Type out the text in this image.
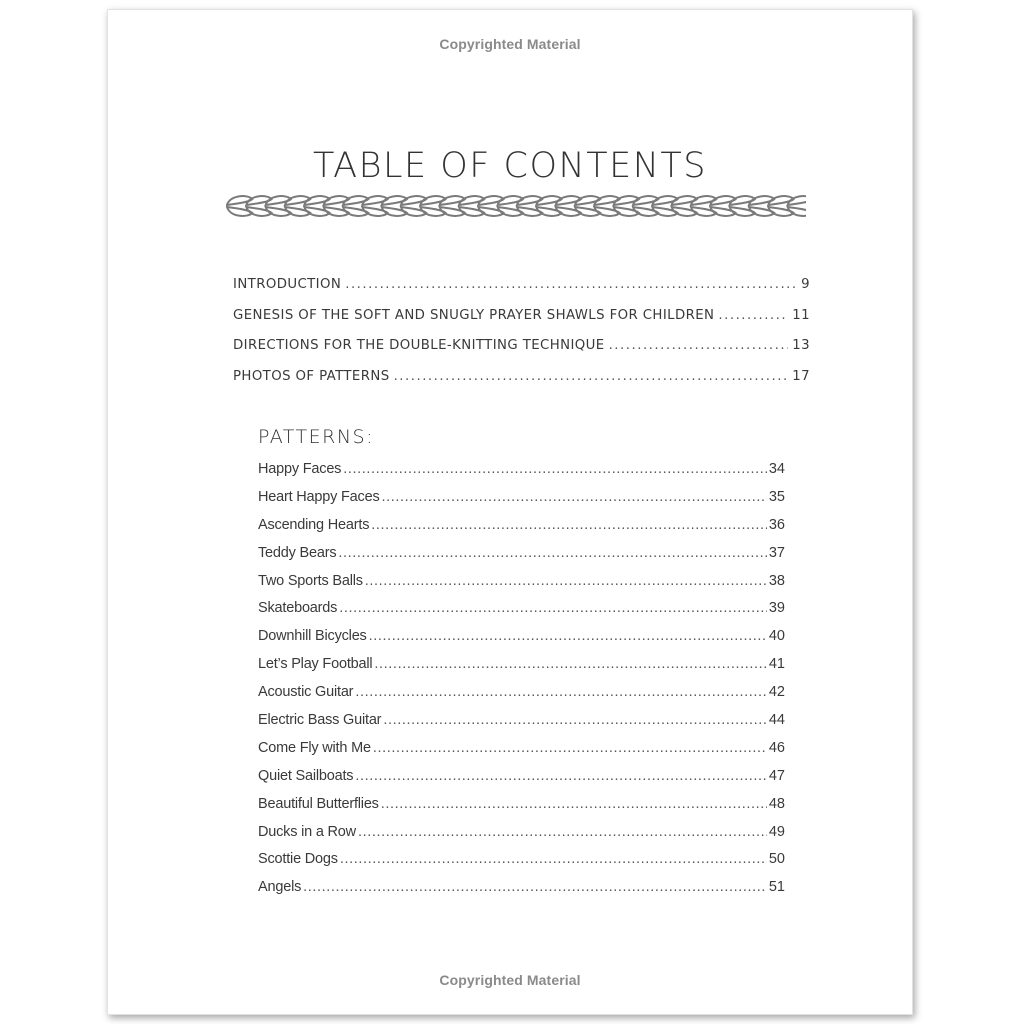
Copyrighted Material
TABLE OF CONTENTS
INTRODUCTION .....	9
GENESIS OF THE SOFT AND SNUGLY PRAYER SHAWLS FOR CHILDREN .....	11
DIRECTIONS FOR THE DOUBLE-KNITTING TECHNIQUE .....	13
PHOTOS OF PATTERNS .....	17
PATTERNS:
Happy Faces .....	34
Heart Happy Faces .....	35
Ascending Hearts .....	36
Teddy Bears .....	37
Two Sports Balls .....	38
Skateboards .....	39
Downhill Bicycles .....	40
Let’s Play Football .....	41
Acoustic Guitar .....	42
Electric Bass Guitar .....	44
Come Fly with Me .....	46
Quiet Sailboats .....	47
Beautiful Butterflies .....	48
Ducks in a Row .....	49
Scottie Dogs .....	50
Angels .....	51
Copyrighted Material
